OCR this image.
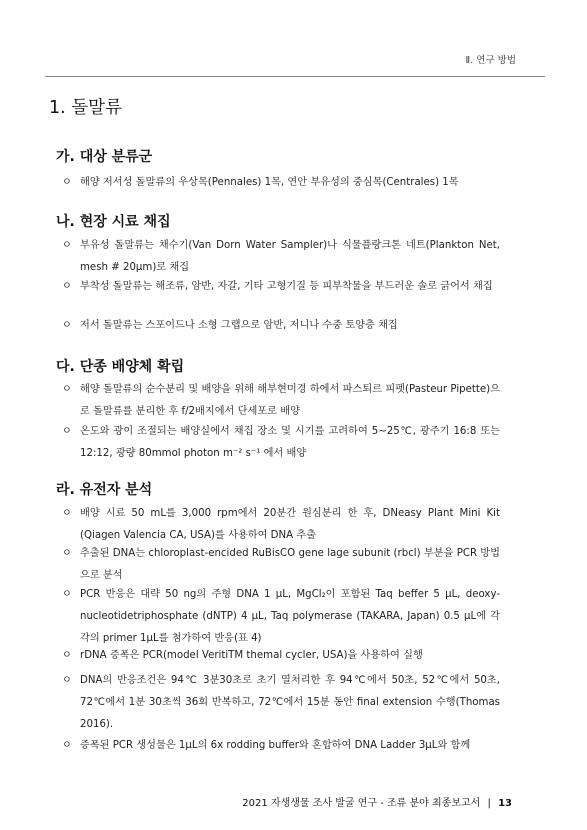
Ⅱ. 연구 방법
1. 돌말류
가. 대상 분류군
ㅇ 해양 저서성 돌말류의 우상목(Pennales) 1목, 연안 부유성의 중심목(Centrales) 1목
나. 현장 시료 채집
ㅇ 부유성 돌말류는 채수기(Van Dorn Water Sampler)나 식물플랑크톤 네트(Plankton Net, mesh # 20μm)로 채집
ㅇ 부착성 돌말류는 해조류, 암반, 자갈, 기타 고형기질 등 피부착물을 부드러운 솔로 긁어서 채집
ㅇ 저서 돌말류는 스포이드나 소형 그랩으로 암반, 저니나 수중 토양층 채집
다. 단종 배양체 확립
ㅇ 해양 돌말류의 순수분리 및 배양을 위해 해부현미경 하에서 파스퇴르 피펫(Pasteur Pipette)으로 돌말류를 분리한 후 f/2배지에서 단세포로 배양
ㅇ 온도와 광이 조절되는 배양실에서 채집 장소 및 시기를 고려하여 5∼25℃, 광주기 16:8 또는 12:12, 광량 80mmol photon m⁻² s⁻¹ 에서 배양
라. 유전자 분석
ㅇ 배양 시료 50 mL를 3,000 rpm에서 20분간 원심분리 한 후, DNeasy Plant Mini Kit (Qiagen Valencia CA, USA)를 사용하여 DNA 추출
ㅇ 추출된 DNA는 chloroplast-encided RuBisCO gene lage subunit (rbcl) 부분을 PCR 방법으로 분석
ㅇ PCR 반응은 대략 50 ng의 주형 DNA 1 μL, MgCl₂이 포함된 Taq beffer 5 μL, deoxy-nucleotidetriphosphate (dNTP) 4 μL, Taq polymerase (TAKARA, Japan) 0.5 μL에 각각의 primer 1μL를 첨가하여 반응(표 4)
ㅇ rDNA 증폭은 PCR(model VeritiTM themal cycler, USA)을 사용하여 실행
ㅇ DNA의 반응조건은 94℃ 3분30초로 초기 열처리한 후 94℃에서 50초, 52℃에서 50초, 72℃에서 1분 30초씩 36회 반복하고, 72℃에서 15분 동안 final extension 수행(Thomas 2016).
ㅇ 증폭된 PCR 생성물은 1μL의 6x rodding buffer와 혼합하여 DNA Ladder 3μL와 함께
2021 자생생물 조사 발굴 연구 - 조류 분야 최종보고서 | 13
